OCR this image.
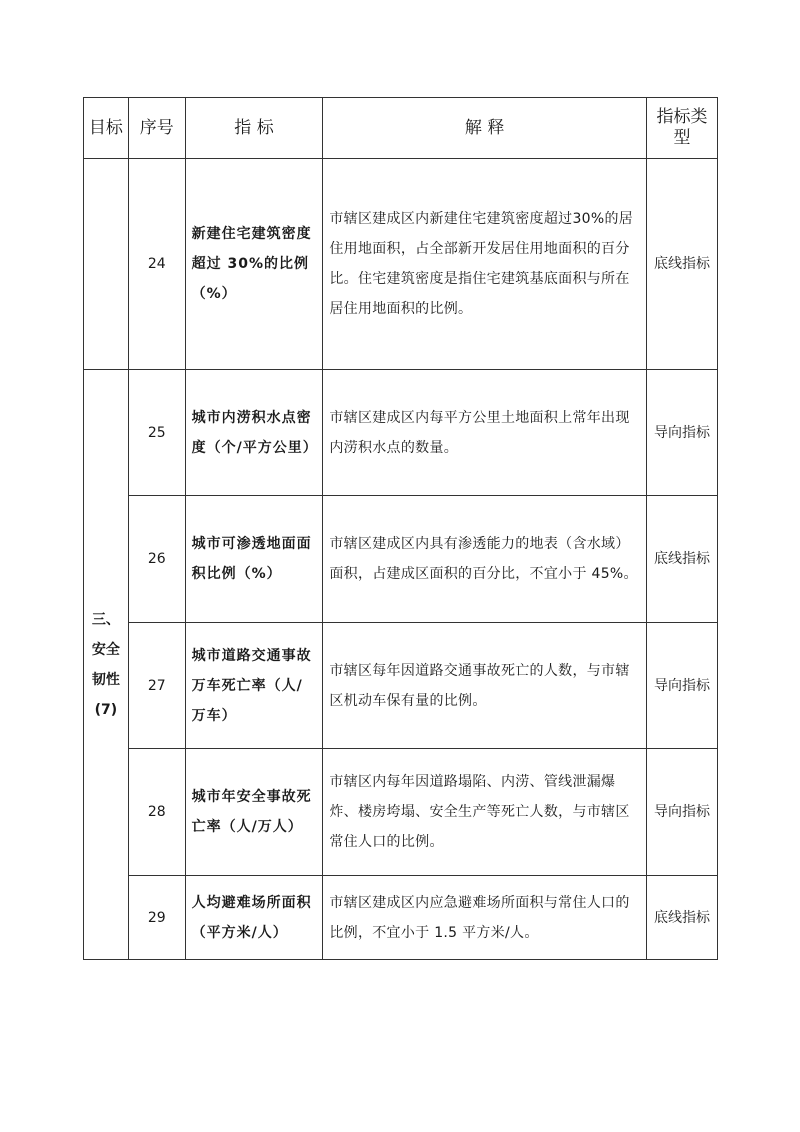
目标	序号	指 标	解 释	指标类型
	24	新建住宅建筑密度超过 30%的比例（%）	市辖区建成区内新建住宅建筑密度超过30%的居住用地面积，占全部新开发居住用地面积的百分比。住宅建筑密度是指住宅建筑基底面积与所在居住用地面积的比例。	底线指标

三、
安全
韧性
(7)	25	城市内涝积水点密度（个/平方公里）	市辖区建成区内每平方公里土地面积上常年出现内涝积水点的数量。	导向指标
	26	城市可渗透地面面积比例（%）	市辖区建成区内具有渗透能力的地表（含水域）面积，占建成区面积的百分比，不宜小于 45%。	底线指标
	27	城市道路交通事故万车死亡率（人/万车）	市辖区每年因道路交通事故死亡的人数，与市辖区机动车保有量的比例。	导向指标
	28	城市年安全事故死亡率（人/万人）	市辖区内每年因道路塌陷、内涝、管线泄漏爆炸、楼房垮塌、安全生产等死亡人数，与市辖区常住人口的比例。	导向指标
	29	人均避难场所面积（平方米/人）	市辖区建成区内应急避难场所面积与常住人口的比例，不宜小于 1.5 平方米/人。	底线指标
